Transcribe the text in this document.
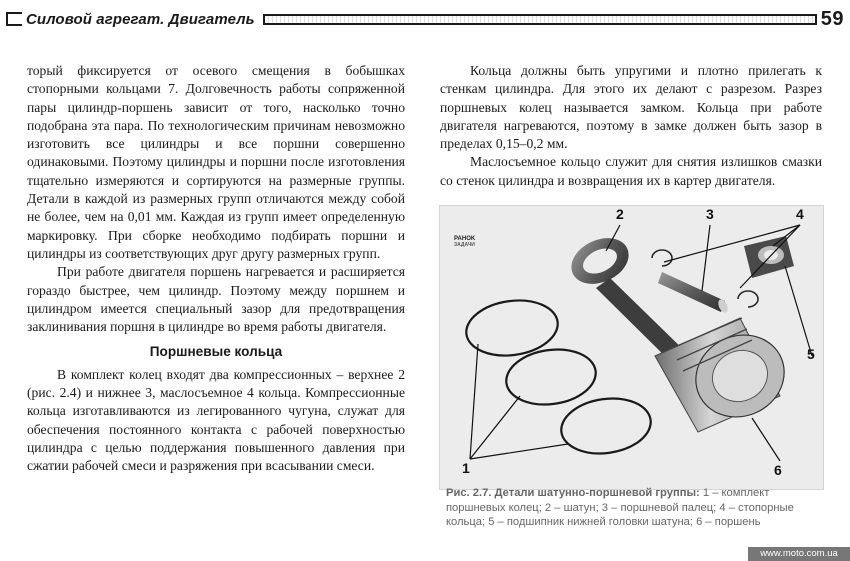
Силовой агрегат. Двигатель	59

торый фиксируется от осевого смещения в бобышках стопорными кольцами 7. Долговечность работы сопряженной пары цилиндр-поршень зависит от того, насколько точно подобрана эта пара. По технологическим причинам невозможно изготовить все цилиндры и все поршни совершенно одинаковыми. Поэтому цилиндры и поршни после изготовления тщательно измеряются и сортируются на размерные группы. Детали в каждой из размерных групп отличаются между собой не более, чем на 0,01 мм. Каждая из групп имеет определенную маркировку. При сборке необходимо подбирать поршни и цилиндры из соответствующих друг другу размерных групп.

При работе двигателя поршень нагревается и расширяется гораздо быстрее, чем цилиндр. Поэтому между поршнем и цилиндром имеется специальный зазор для предотвращения заклинивания поршня в цилиндре во время работы двигателя.

Поршневые кольца

В комплект колец входят два компрессионных – верхнее 2 (рис. 2.4) и нижнее 3, маслосъемное 4 кольца. Компрессионные кольца изготавливаются из легированного чугуна, служат для обеспечения постоянного контакта с рабочей поверхностью цилиндра с целью поддержания повышенного давления при сжатии рабочей смеси и разряжения при всасывании смеси.

Кольца должны быть упругими и плотно прилегать к стенкам цилиндра. Для этого их делают с разрезом. Разрез поршневых колец называется замком. Кольца при работе двигателя нагреваются, поэтому в замке должен быть зазор в пределах 0,15–0,2 мм.

Маслосъемное кольцо служит для снятия излишков смазки со стенок цилиндра и возвращения их в картер двигателя.

PAHOK
ЗАДАЧИ
2	3	4
5
1	6
Рис. 2.7. Детали шатунно-поршневой группы: 1 – комплект поршневых колец; 2 – шатун; 3 – поршневой палец; 4 – стопорные кольца; 5 – подшипник нижней головки шатуна; 6 – поршень
www.moto.com.ua
